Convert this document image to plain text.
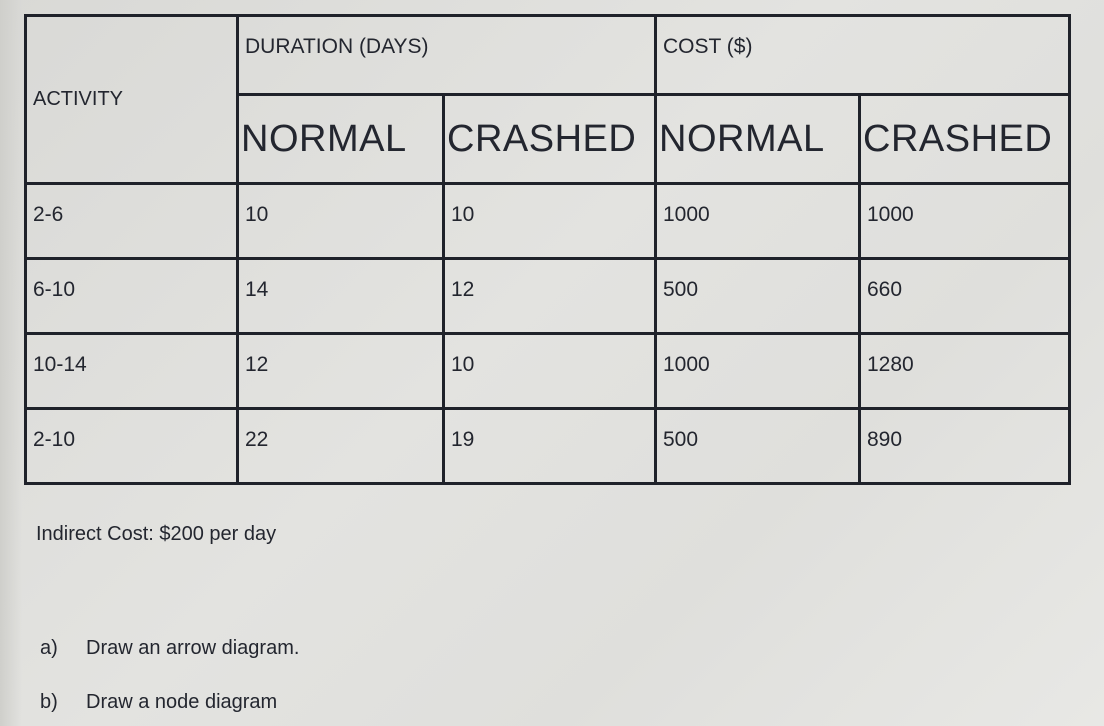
ACTIVITY	DURATION (DAYS)		COST ($)	
	NORMAL	CRASHED	NORMAL	CRASHED
2-6	10	10	1000	1000
6-10	14	12	500	660
10-14	12	10	1000	1280
2-10	22	19	500	890
Indirect Cost: $200 per day
a) Draw an arrow diagram.
b) Draw a node diagram
